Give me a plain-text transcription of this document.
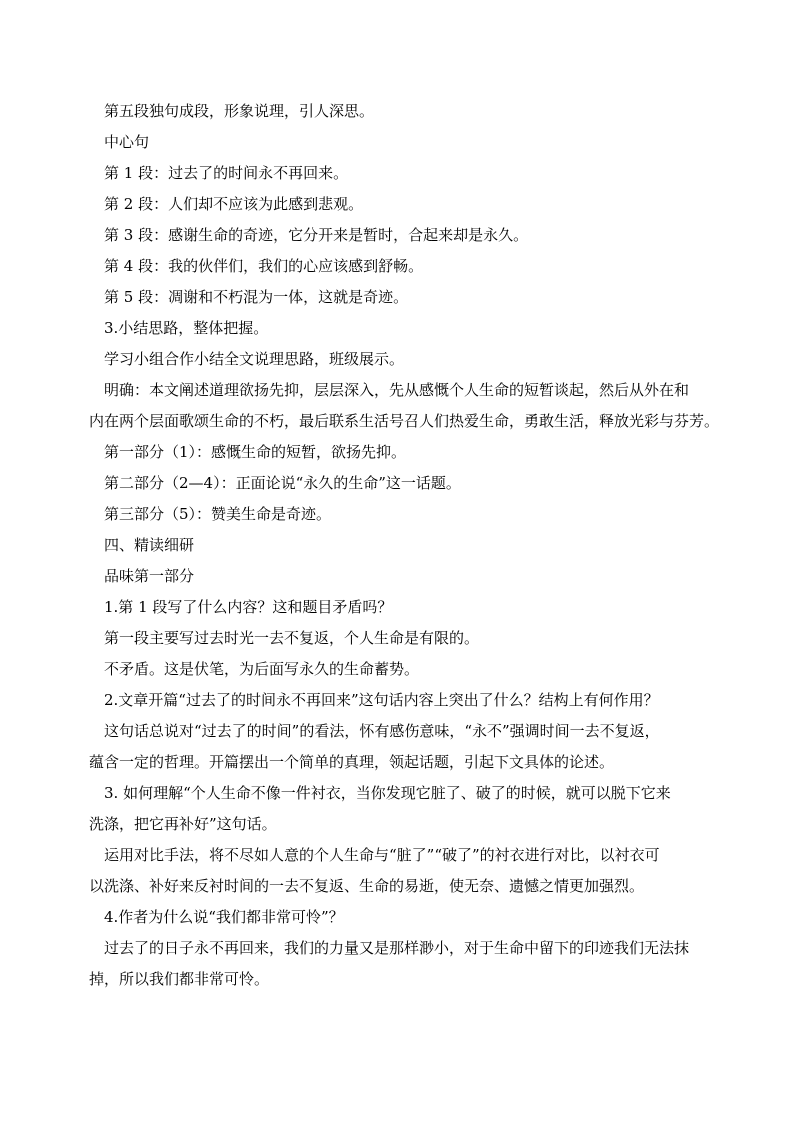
第五段独句成段，形象说理，引人深思。

中心句

第 1 段：过去了的时间永不再回来。

第 2 段：人们却不应该为此感到悲观。

第 3 段：感谢生命的奇迹，它分开来是暂时，合起来却是永久。

第 4 段：我的伙伴们，我们的心应该感到舒畅。

第 5 段：凋谢和不朽混为一体，这就是奇迹。

3.小结思路，整体把握。

学习小组合作小结全文说理思路，班级展示。

明确：本文阐述道理欲扬先抑，层层深入，先从感慨个人生命的短暂谈起，然后从外在和

内在两个层面歌颂生命的不朽，最后联系生活号召人们热爱生命，勇敢生活，释放光彩与芬芳。

第一部分（1）：感慨生命的短暂，欲扬先抑。

第二部分（2—4）：正面论说“永久的生命”这一话题。

第三部分（5）：赞美生命是奇迹。

四、精读细研

品味第一部分

1.第 1 段写了什么内容？这和题目矛盾吗？

第一段主要写过去时光一去不复返，个人生命是有限的。

不矛盾。这是伏笔，为后面写永久的生命蓄势。

2.文章开篇“过去了的时间永不再回来”这句话内容上突出了什么？结构上有何作用？

这句话总说对“过去了的时间”的看法，怀有感伤意味，“永不”强调时间一去不复返，

蕴含一定的哲理。开篇摆出一个简单的真理，领起话题，引起下文具体的论述。

3. 如何理解“个人生命不像一件衬衣，当你发现它脏了、破了的时候，就可以脱下它来

洗涤，把它再补好”这句话。

运用对比手法，将不尽如人意的个人生命与“脏了”“破了”的衬衣进行对比，以衬衣可

以洗涤、补好来反衬时间的一去不复返、生命的易逝，使无奈、遗憾之情更加强烈。

4.作者为什么说“我们都非常可怜”？

过去了的日子永不再回来，我们的力量又是那样渺小，对于生命中留下的印迹我们无法抹

掉，所以我们都非常可怜。
